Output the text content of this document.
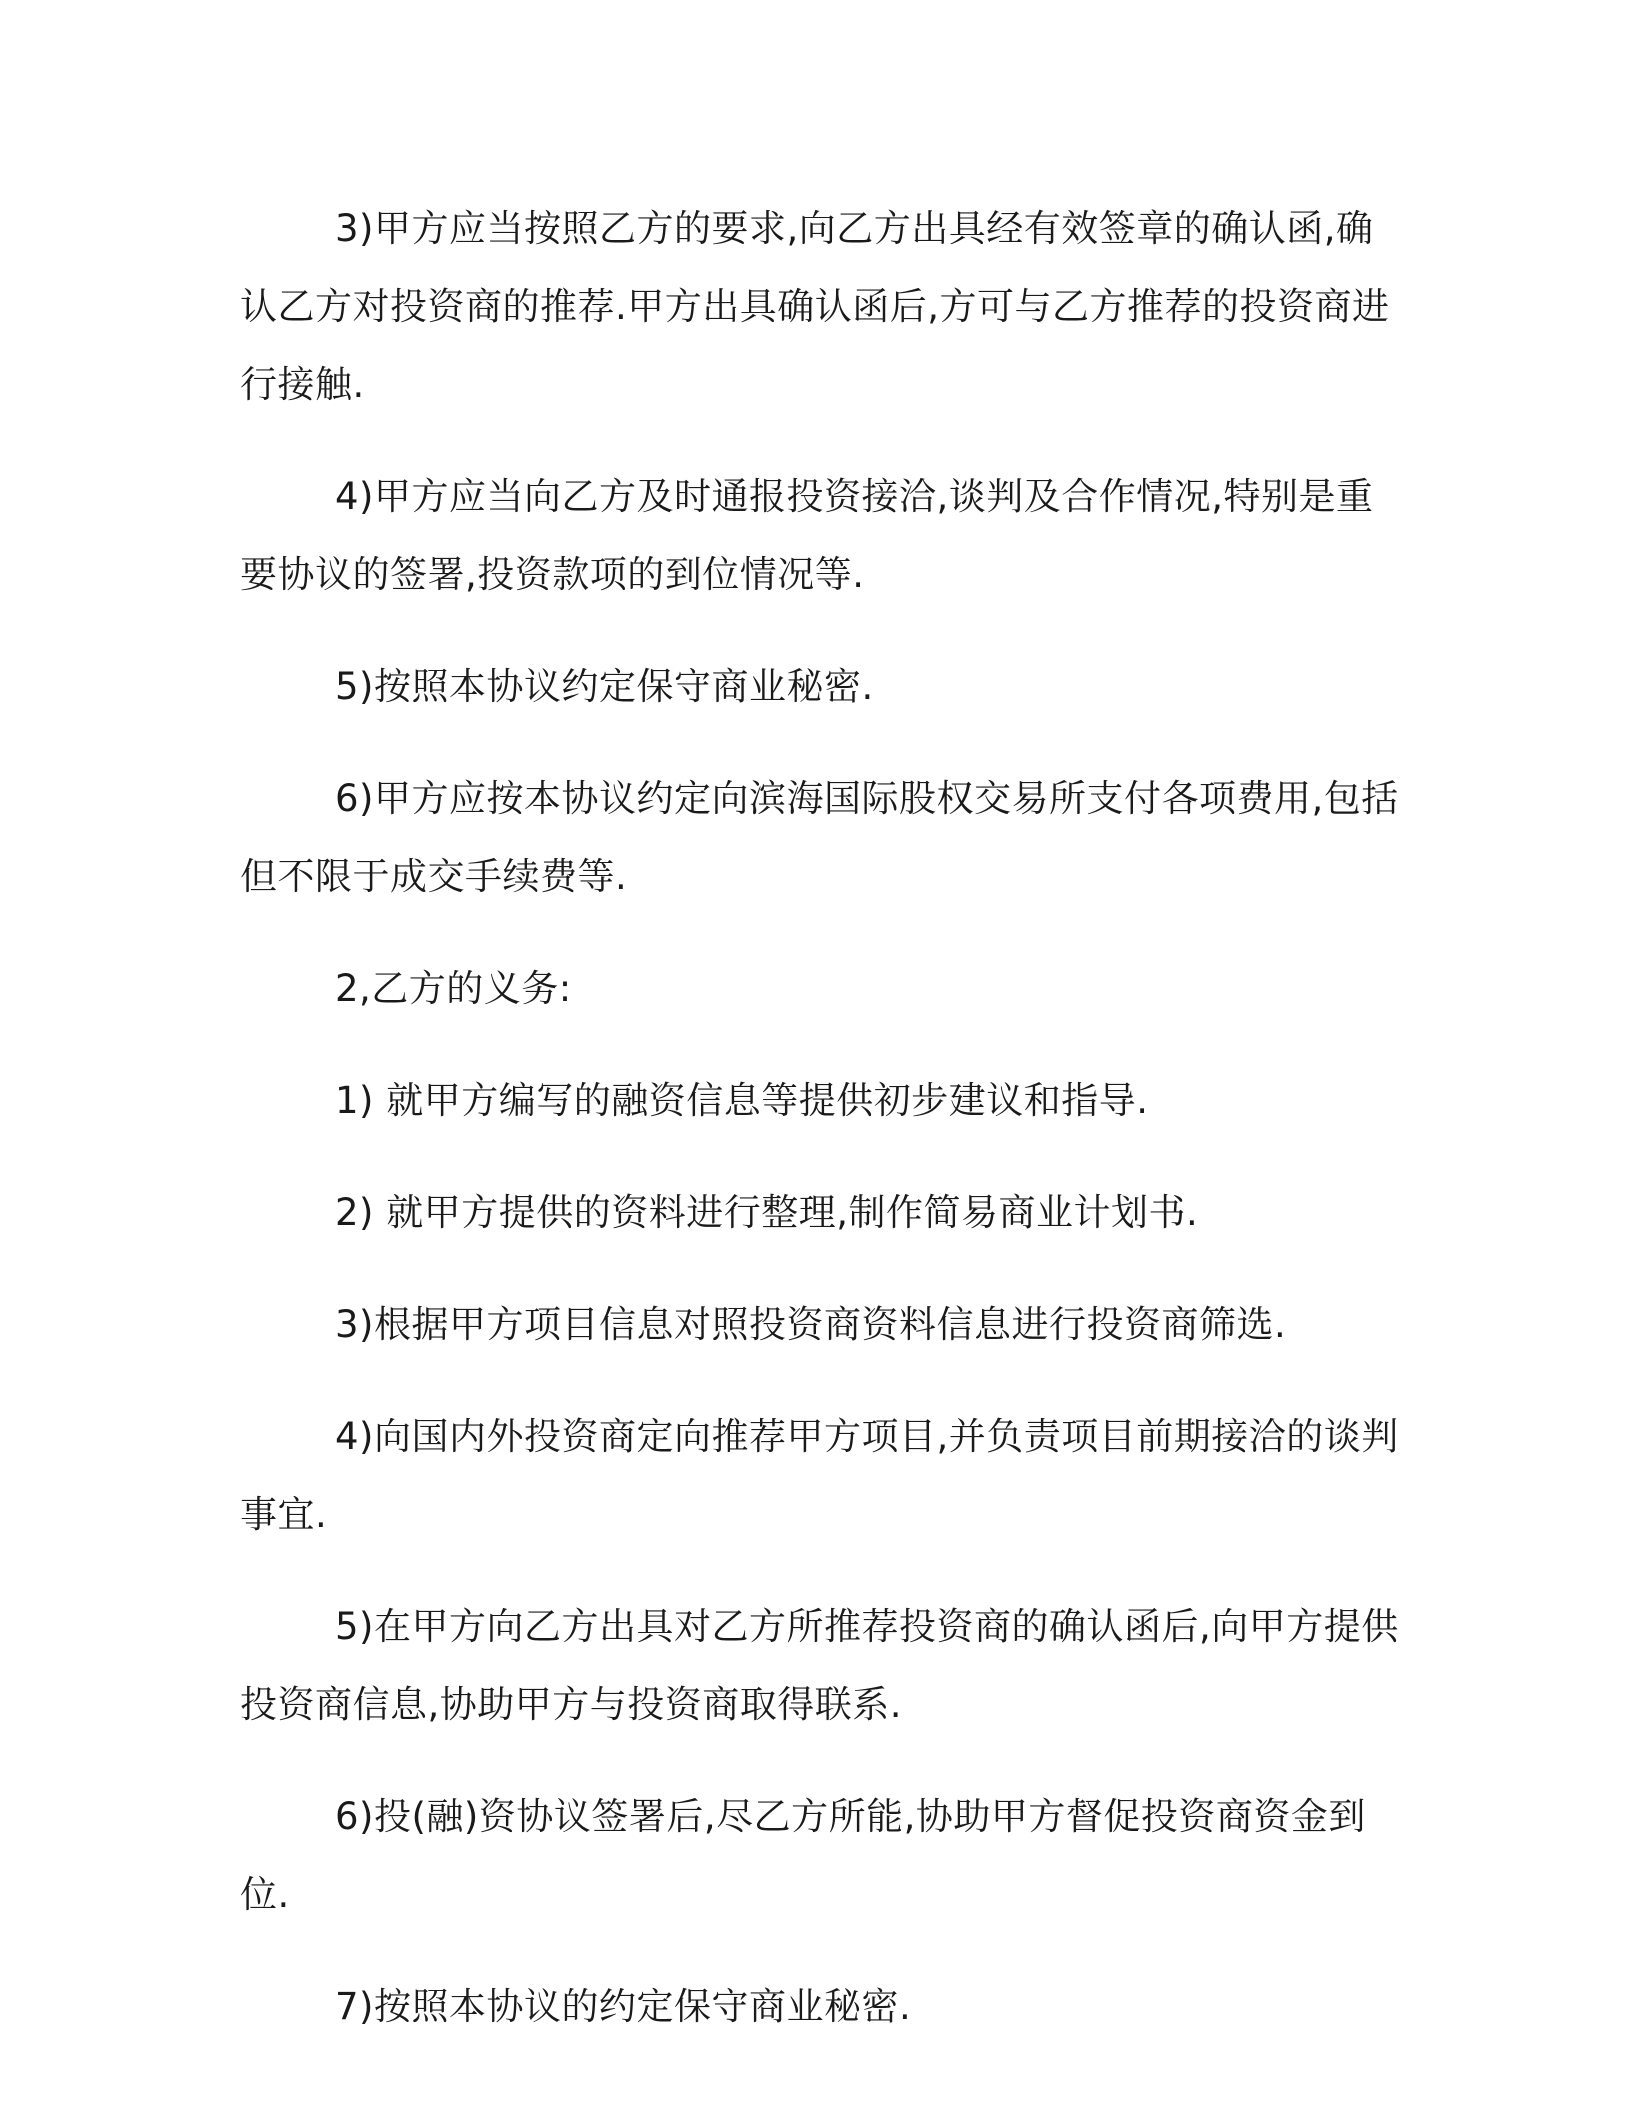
3)甲方应当按照乙方的要求,向乙方出具经有效签章的确认函,确认乙方对投资商的推荐.甲方出具确认函后,方可与乙方推荐的投资商进行接触.

4)甲方应当向乙方及时通报投资接洽,谈判及合作情况,特别是重要协议的签署,投资款项的到位情况等.

5)按照本协议约定保守商业秘密.

6)甲方应按本协议约定向滨海国际股权交易所支付各项费用,包括但不限于成交手续费等.

2,乙方的义务:

1) 就甲方编写的融资信息等提供初步建议和指导.

2) 就甲方提供的资料进行整理,制作简易商业计划书.

3)根据甲方项目信息对照投资商资料信息进行投资商筛选.

4)向国内外投资商定向推荐甲方项目,并负责项目前期接洽的谈判事宜.

5)在甲方向乙方出具对乙方所推荐投资商的确认函后,向甲方提供投资商信息,协助甲方与投资商取得联系.

6)投(融)资协议签署后,尽乙方所能,协助甲方督促投资商资金到位.

7)按照本协议的约定保守商业秘密.
